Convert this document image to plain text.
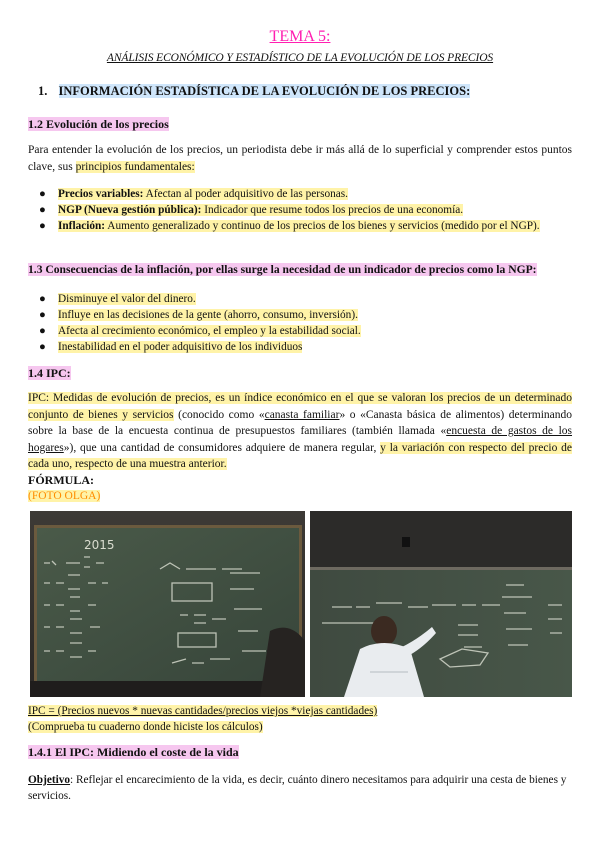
TEMA 5:
ANÁLISIS ECONÓMICO Y ESTADÍSTICO DE LA EVOLUCIÓN DE LOS PRECIOS
1. INFORMACIÓN ESTADÍSTICA DE LA EVOLUCIÓN DE LOS PRECIOS:
1.2 Evolución de los precios
Para entender la evolución de los precios, un periodista debe ir más allá de lo superficial y comprender estos puntos clave, sus principios fundamentales:
● Precios variables: Afectan al poder adquisitivo de las personas.
● NGP (Nueva gestión pública): Indicador que resume todos los precios de una economía.
● Inflación: Aumento generalizado y continuo de los precios de los bienes y servicios (medido por el NGP).
1.3 Consecuencias de la inflación, por ellas surge la necesidad de un indicador de precios como la NGP:
● Disminuye el valor del dinero.
● Influye en las decisiones de la gente (ahorro, consumo, inversión).
● Afecta al crecimiento económico, el empleo y la estabilidad social.
● Inestabilidad en el poder adquisitivo de los individuos
1.4 IPC:
IPC: Medidas de evolución de precios, es un índice económico en el que se valoran los precios de un determinado conjunto de bienes y servicios (conocido como «canasta familiar» o «Canasta básica de alimentos) determinando sobre la base de la encuesta continua de presupuestos familiares (también llamada «encuesta de gastos de los hogares»), que una cantidad de consumidores adquiere de manera regular, y la variación con respecto del precio de cada uno, respecto de una muestra anterior.
FÓRMULA:
(FOTO OLGA)
2015
IPC = (Precios nuevos * nuevas cantidades/precios viejos *viejas cantidades)
(Comprueba tu cuaderno donde hiciste los cálculos)
1.4.1 El IPC: Midiendo el coste de la vida
Objetivo: Reflejar el encarecimiento de la vida, es decir, cuánto dinero necesitamos para adquirir una cesta de bienes y servicios.
